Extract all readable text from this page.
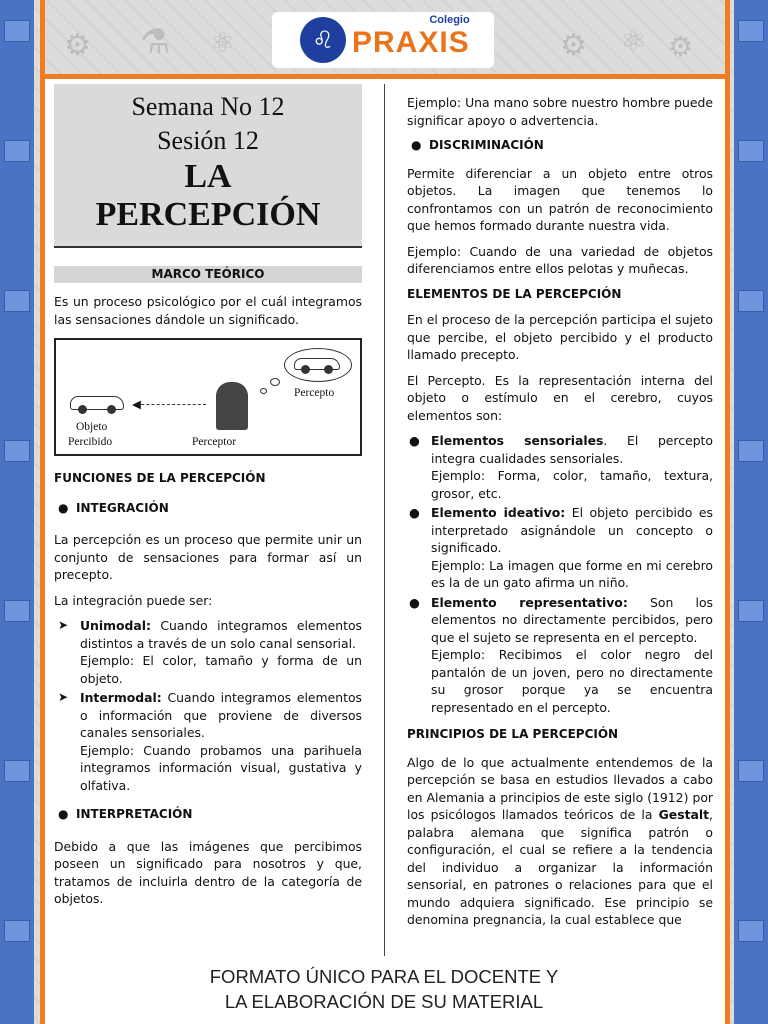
⚙ ⚗ ⚛	⚙ ⚛ ⚙
♌
Colegio
PRAXIS
Semana No 12
Sesión 12
LA
PERCEPCIÓN
MARCO TEÓRICO

Es un proceso psicológico por el cuál integramos las sensaciones dándole un significado.

Percepto
◀
Objeto
Percibido	Perceptor
FUNCIONES DE LA PERCEPCIÓN
● INTEGRACIÓN

La percepción es un proceso que permite unir un conjunto de sensaciones para formar así un precepto.

La integración puede ser:

➤ Unimodal: Cuando integramos elementos distintos a través de un solo canal sensorial.
Ejemplo: El color, tamaño y forma de un objeto.
➤ Intermodal: Cuando integramos elementos o información que proviene de diversos canales sensoriales.
Ejemplo: Cuando probamos una parihuela integramos información visual, gustativa y olfativa.
● INTERPRETACIÓN

Debido a que las imágenes que percibimos poseen un significado para nosotros y que, tratamos de incluirla dentro de la categoría de objetos.

Ejemplo: Una mano sobre nuestro hombre puede significar apoyo o advertencia.

● DISCRIMINACIÓN

Permite diferenciar a un objeto entre otros objetos. La imagen que tenemos lo confrontamos con un patrón de reconocimiento que hemos formado durante nuestra vida.

Ejemplo: Cuando de una variedad de objetos diferenciamos entre ellos pelotas y muñecas.

ELEMENTOS DE LA PERCEPCIÓN

En el proceso de la percepción participa el sujeto que percibe, el objeto percibido y el producto llamado precepto.

El Percepto. Es la representación interna del objeto o estímulo en el cerebro, cuyos elementos son:

● Elementos sensoriales. El percepto integra cualidades sensoriales.
Ejemplo: Forma, color, tamaño, textura, grosor, etc.
● Elemento ideativo: El objeto percibido es interpretado asignándole un concepto o significado.
Ejemplo: La imagen que forme en mi cerebro es la de un gato afirma un niño.
● Elemento representativo: Son los elementos no directamente percibidos, pero que el sujeto se representa en el percepto.
Ejemplo: Recibimos el color negro del pantalón de un joven, pero no directamente su grosor porque ya se encuentra representado en el percepto.
PRINCIPIOS DE LA PERCEPCIÓN

Algo de lo que actualmente entendemos de la percepción se basa en estudios llevados a cabo en Alemania a principios de este siglo (1912) por los psicólogos llamados teóricos de la Gestalt, palabra alemana que significa patrón o configuración, el cual se refiere a la tendencia del individuo a organizar la información sensorial, en patrones o relaciones para que el mundo adquiera significado. Ese principio se denomina pregnancia, la cual establece que

FORMATO ÚNICO PARA EL DOCENTE Y
LA ELABORACIÓN DE SU MATERIAL
